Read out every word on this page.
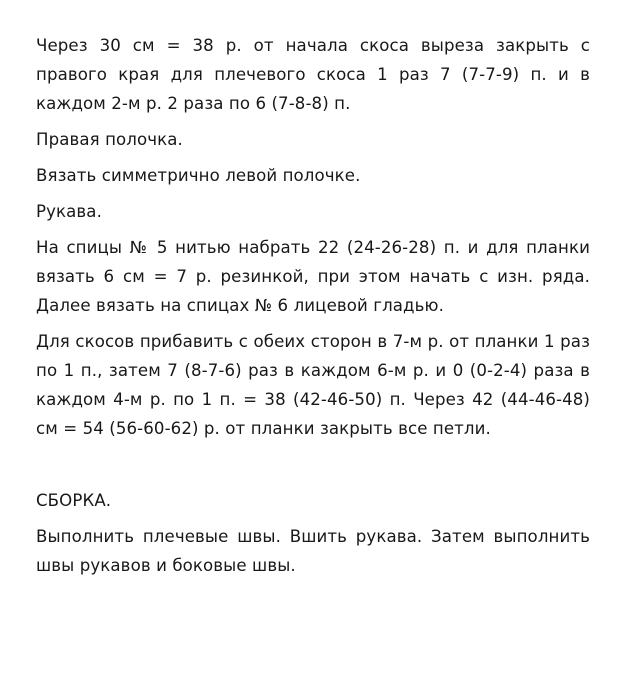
Через 30 см = 38 р. от начала скоса выреза закрыть с правого края для плечевого скоса 1 раз 7 (7-7-9) п. и в каждом 2-м р. 2 раза по 6 (7-8-8) п.

Правая полочка.

Вязать симметрично левой полочке.

Рукава.

На спицы № 5 нитью набрать 22 (24-26-28) п. и для планки вязать 6 см = 7 р. резинкой, при этом начать с изн. ряда. Далее вязать на спицах № 6 лицевой гладью.

Для скосов прибавить с обеих сторон в 7-м р. от планки 1 раз по 1 п., затем 7 (8-7-6) раз в каждом 6-м р. и 0 (0-2-4) раза в каждом 4-м р. по 1 п. = 38 (42-46-50) п. Через 42 (44-46-48) см = 54 (56-60-62) р. от планки закрыть все петли.

СБОРКА.

Выполнить плечевые швы. Вшить рукава. Затем выполнить швы рукавов и боковые швы.
